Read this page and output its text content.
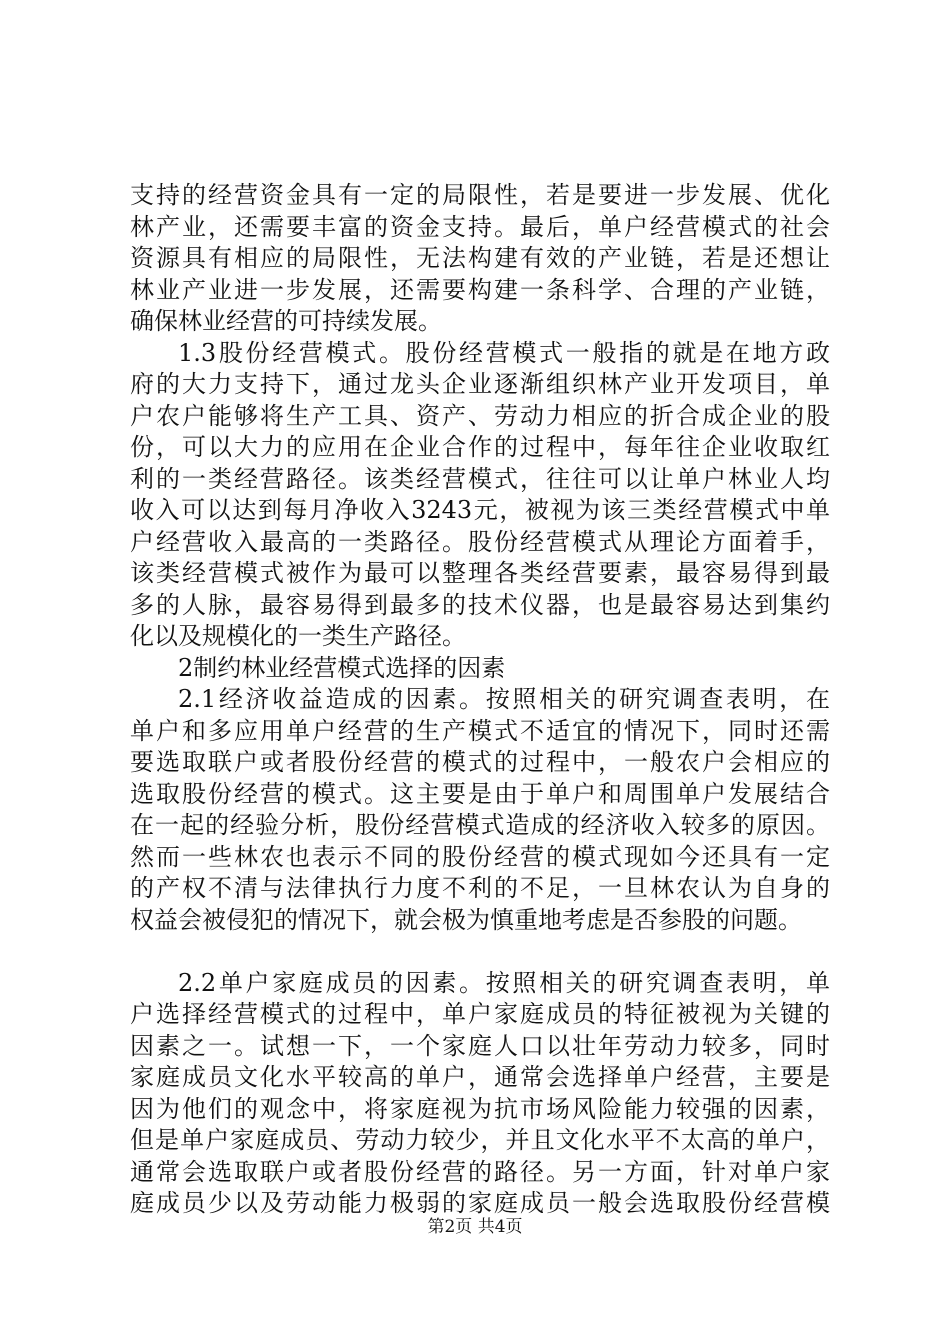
支持的经营资金具有一定的局限性，若是要进一步发展、优化
林产业，还需要丰富的资金支持。最后，单户经营模式的社会
资源具有相应的局限性，无法构建有效的产业链，若是还想让
林业产业进一步发展，还需要构建一条科学、合理的产业链，
确保林业经营的可持续发展。
1.3股份经营模式。股份经营模式一般指的就是在地方政
府的大力支持下，通过龙头企业逐渐组织林产业开发项目，单
户农户能够将生产工具、资产、劳动力相应的折合成企业的股
份，可以大力的应用在企业合作的过程中，每年往企业收取红
利的一类经营路径。该类经营模式，往往可以让单户林业人均
收入可以达到每月净收入3243元，被视为该三类经营模式中单
户经营收入最高的一类路径。股份经营模式从理论方面着手，
该类经营模式被作为最可以整理各类经营要素，最容易得到最
多的人脉，最容易得到最多的技术仪器，也是最容易达到集约
化以及规模化的一类生产路径。
2制约林业经营模式选择的因素
2.1经济收益造成的因素。按照相关的研究调查表明，在
单户和多应用单户经营的生产模式不适宜的情况下，同时还需
要选取联户或者股份经营的模式的过程中，一般农户会相应的
选取股份经营的模式。这主要是由于单户和周围单户发展结合
在一起的经验分析，股份经营模式造成的经济收入较多的原因。
然而一些林农也表示不同的股份经营的模式现如今还具有一定
的产权不清与法律执行力度不利的不足，一旦林农认为自身的
权益会被侵犯的情况下，就会极为慎重地考虑是否参股的问题。
2.2单户家庭成员的因素。按照相关的研究调查表明，单
户选择经营模式的过程中，单户家庭成员的特征被视为关键的
因素之一。试想一下，一个家庭人口以壮年劳动力较多，同时
家庭成员文化水平较高的单户，通常会选择单户经营，主要是
因为他们的观念中，将家庭视为抗市场风险能力较强的因素，
但是单户家庭成员、劳动力较少，并且文化水平不太高的单户，
通常会选取联户或者股份经营的路径。另一方面，针对单户家
庭成员少以及劳动能力极弱的家庭成员一般会选取股份经营模
第2页 共4页
